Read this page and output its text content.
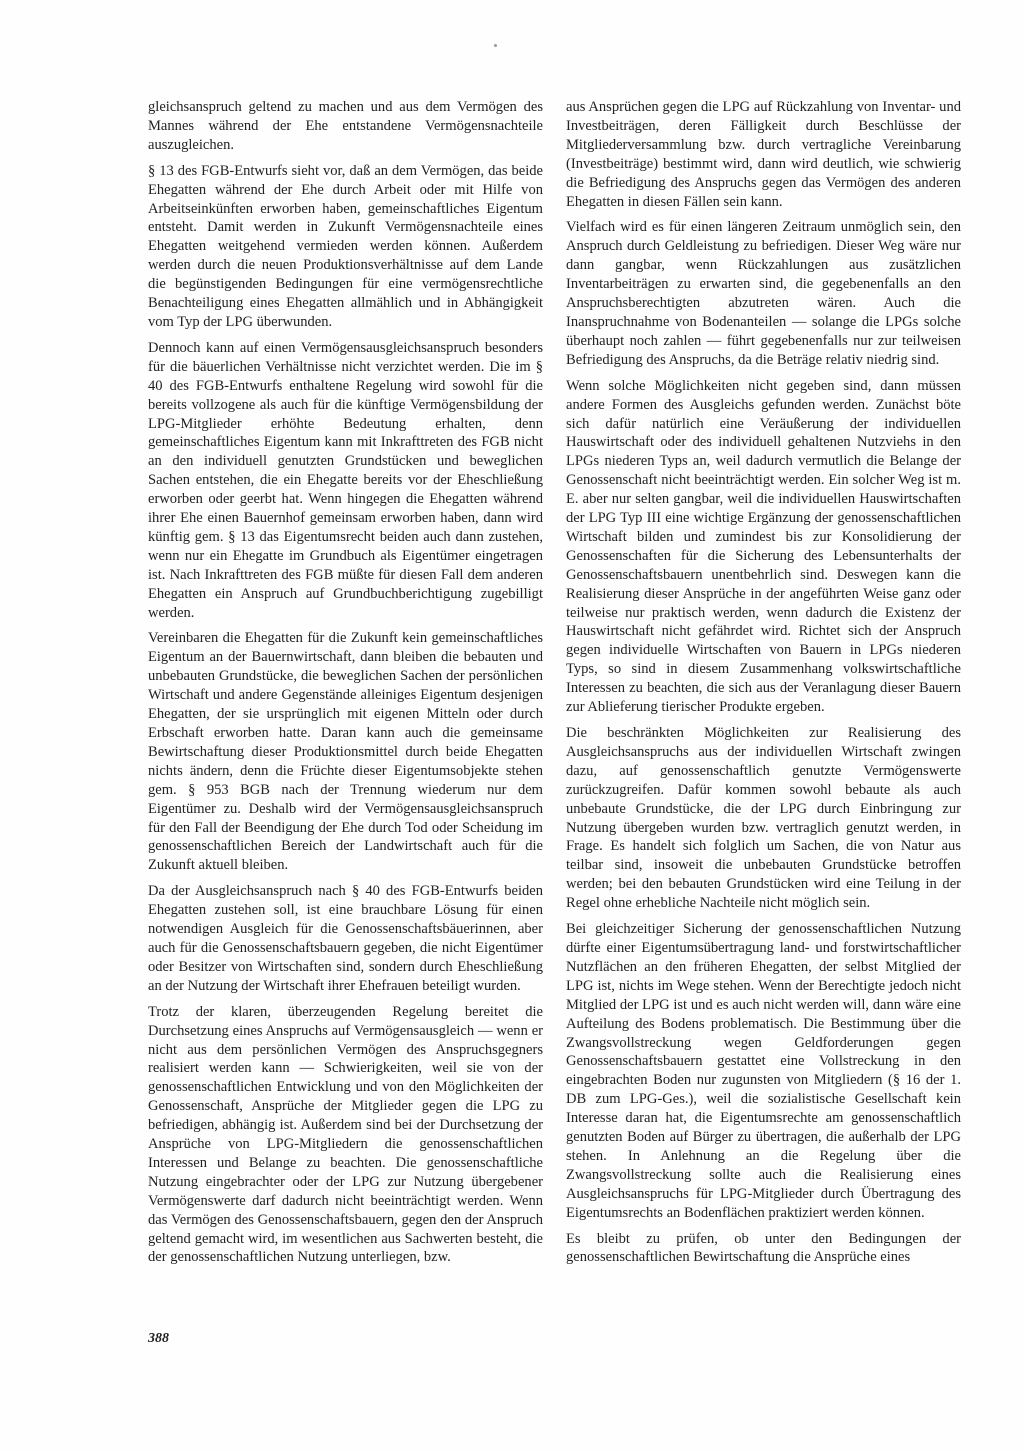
gleichsanspruch geltend zu machen und aus dem Vermögen des Mannes während der Ehe entstandene Vermögensnachteile auszugleichen.

§ 13 des FGB-Entwurfs sieht vor, daß an dem Vermögen, das beide Ehegatten während der Ehe durch Arbeit oder mit Hilfe von Arbeitseinkünften erworben haben, gemeinschaftliches Eigentum entsteht. Damit werden in Zukunft Vermögensnachteile eines Ehegatten weitgehend vermieden werden können. Außerdem werden durch die neuen Produktionsverhältnisse auf dem Lande die begünstigenden Bedingungen für eine vermögensrechtliche Benachteiligung eines Ehegatten allmählich und in Abhängigkeit vom Typ der LPG überwunden.

Dennoch kann auf einen Vermögensausgleichsanspruch besonders für die bäuerlichen Verhältnisse nicht verzichtet werden. Die im § 40 des FGB-Entwurfs enthaltene Regelung wird sowohl für die bereits vollzogene als auch für die künftige Vermögensbildung der LPG-Mitglieder erhöhte Bedeutung erhalten, denn gemeinschaftliches Eigentum kann mit Inkrafttreten des FGB nicht an den individuell genutzten Grundstücken und beweglichen Sachen entstehen, die ein Ehegatte bereits vor der Eheschließung erworben oder geerbt hat. Wenn hingegen die Ehegatten während ihrer Ehe einen Bauernhof gemeinsam erworben haben, dann wird künftig gem. § 13 das Eigentumsrecht beiden auch dann zustehen, wenn nur ein Ehegatte im Grundbuch als Eigentümer eingetragen ist. Nach Inkrafttreten des FGB müßte für diesen Fall dem anderen Ehegatten ein Anspruch auf Grundbuchberichtigung zugebilligt werden.

Vereinbaren die Ehegatten für die Zukunft kein gemeinschaftliches Eigentum an der Bauernwirtschaft, dann bleiben die bebauten und unbebauten Grundstücke, die beweglichen Sachen der persönlichen Wirtschaft und andere Gegenstände alleiniges Eigentum desjenigen Ehegatten, der sie ursprünglich mit eigenen Mitteln oder durch Erbschaft erworben hatte. Daran kann auch die gemeinsame Bewirtschaftung dieser Produktionsmittel durch beide Ehegatten nichts ändern, denn die Früchte dieser Eigentumsobjekte stehen gem. § 953 BGB nach der Trennung wiederum nur dem Eigentümer zu. Deshalb wird der Vermögensausgleichsanspruch für den Fall der Beendigung der Ehe durch Tod oder Scheidung im genossenschaftlichen Bereich der Landwirtschaft auch für die Zukunft aktuell bleiben.

Da der Ausgleichsanspruch nach § 40 des FGB-Entwurfs beiden Ehegatten zustehen soll, ist eine brauchbare Lösung für einen notwendigen Ausgleich für die Genossenschaftsbäuerinnen, aber auch für die Genossenschaftsbauern gegeben, die nicht Eigentümer oder Besitzer von Wirtschaften sind, sondern durch Eheschließung an der Nutzung der Wirtschaft ihrer Ehefrauen beteiligt wurden.

Trotz der klaren, überzeugenden Regelung bereitet die Durchsetzung eines Anspruchs auf Vermögensausgleich — wenn er nicht aus dem persönlichen Vermögen des Anspruchsgegners realisiert werden kann — Schwierigkeiten, weil sie von der genossenschaftlichen Entwicklung und von den Möglichkeiten der Genossenschaft, Ansprüche der Mitglieder gegen die LPG zu befriedigen, abhängig ist. Außerdem sind bei der Durchsetzung der Ansprüche von LPG-Mitgliedern die genossenschaftlichen Interessen und Belange zu beachten. Die genossenschaftliche Nutzung eingebrachter oder der LPG zur Nutzung übergebener Vermögenswerte darf dadurch nicht beeinträchtigt werden. Wenn das Vermögen des Genossenschaftsbauern, gegen den der Anspruch geltend gemacht wird, im wesentlichen aus Sachwerten besteht, die der genossenschaftlichen Nutzung unterliegen, bzw.

aus Ansprüchen gegen die LPG auf Rückzahlung von Inventar- und Investbeiträgen, deren Fälligkeit durch Beschlüsse der Mitgliederversammlung bzw. durch vertragliche Vereinbarung (Investbeiträge) bestimmt wird, dann wird deutlich, wie schwierig die Befriedigung des Anspruchs gegen das Vermögen des anderen Ehegatten in diesen Fällen sein kann.

Vielfach wird es für einen längeren Zeitraum unmöglich sein, den Anspruch durch Geldleistung zu befriedigen. Dieser Weg wäre nur dann gangbar, wenn Rückzahlungen aus zusätzlichen Inventarbeiträgen zu erwarten sind, die gegebenenfalls an den Anspruchsberechtigten abzutreten wären. Auch die Inanspruchnahme von Bodenanteilen — solange die LPGs solche überhaupt noch zahlen — führt gegebenenfalls nur zur teilweisen Befriedigung des Anspruchs, da die Beträge relativ niedrig sind.

Wenn solche Möglichkeiten nicht gegeben sind, dann müssen andere Formen des Ausgleichs gefunden werden. Zunächst böte sich dafür natürlich eine Veräußerung der individuellen Hauswirtschaft oder des individuell gehaltenen Nutzviehs in den LPGs niederen Typs an, weil dadurch vermutlich die Belange der Genossenschaft nicht beeinträchtigt werden. Ein solcher Weg ist m. E. aber nur selten gangbar, weil die individuellen Hauswirtschaften der LPG Typ III eine wichtige Ergänzung der genossenschaftlichen Wirtschaft bilden und zumindest bis zur Konsolidierung der Genossenschaften für die Sicherung des Lebensunterhalts der Genossenschaftsbauern unentbehrlich sind. Deswegen kann die Realisierung dieser Ansprüche in der angeführten Weise ganz oder teilweise nur praktisch werden, wenn dadurch die Existenz der Hauswirtschaft nicht gefährdet wird. Richtet sich der Anspruch gegen individuelle Wirtschaften von Bauern in LPGs niederen Typs, so sind in diesem Zusammenhang volkswirtschaftliche Interessen zu beachten, die sich aus der Veranlagung dieser Bauern zur Ablieferung tierischer Produkte ergeben.

Die beschränkten Möglichkeiten zur Realisierung des Ausgleichsanspruchs aus der individuellen Wirtschaft zwingen dazu, auf genossenschaftlich genutzte Vermögenswerte zurückzugreifen. Dafür kommen sowohl bebaute als auch unbebaute Grundstücke, die der LPG durch Einbringung zur Nutzung übergeben wurden bzw. vertraglich genutzt werden, in Frage. Es handelt sich folglich um Sachen, die von Natur aus teilbar sind, insoweit die unbebauten Grundstücke betroffen werden; bei den bebauten Grundstücken wird eine Teilung in der Regel ohne erhebliche Nachteile nicht möglich sein.

Bei gleichzeitiger Sicherung der genossenschaftlichen Nutzung dürfte einer Eigentumsübertragung land- und forstwirtschaftlicher Nutzflächen an den früheren Ehegatten, der selbst Mitglied der LPG ist, nichts im Wege stehen. Wenn der Berechtigte jedoch nicht Mitglied der LPG ist und es auch nicht werden will, dann wäre eine Aufteilung des Bodens problematisch. Die Bestimmung über die Zwangsvollstreckung wegen Geldforderungen gegen Genossenschaftsbauern gestattet eine Vollstreckung in den eingebrachten Boden nur zugunsten von Mitgliedern (§ 16 der 1. DB zum LPG-Ges.), weil die sozialistische Gesellschaft kein Interesse daran hat, die Eigentumsrechte am genossenschaftlich genutzten Boden auf Bürger zu übertragen, die außerhalb der LPG stehen. In Anlehnung an die Regelung über die Zwangsvollstreckung sollte auch die Realisierung eines Ausgleichsanspruchs für LPG-Mitglieder durch Übertragung des Eigentumsrechts an Bodenflächen praktiziert werden können.

Es bleibt zu prüfen, ob unter den Bedingungen der genossenschaftlichen Bewirtschaftung die Ansprüche eines

388
